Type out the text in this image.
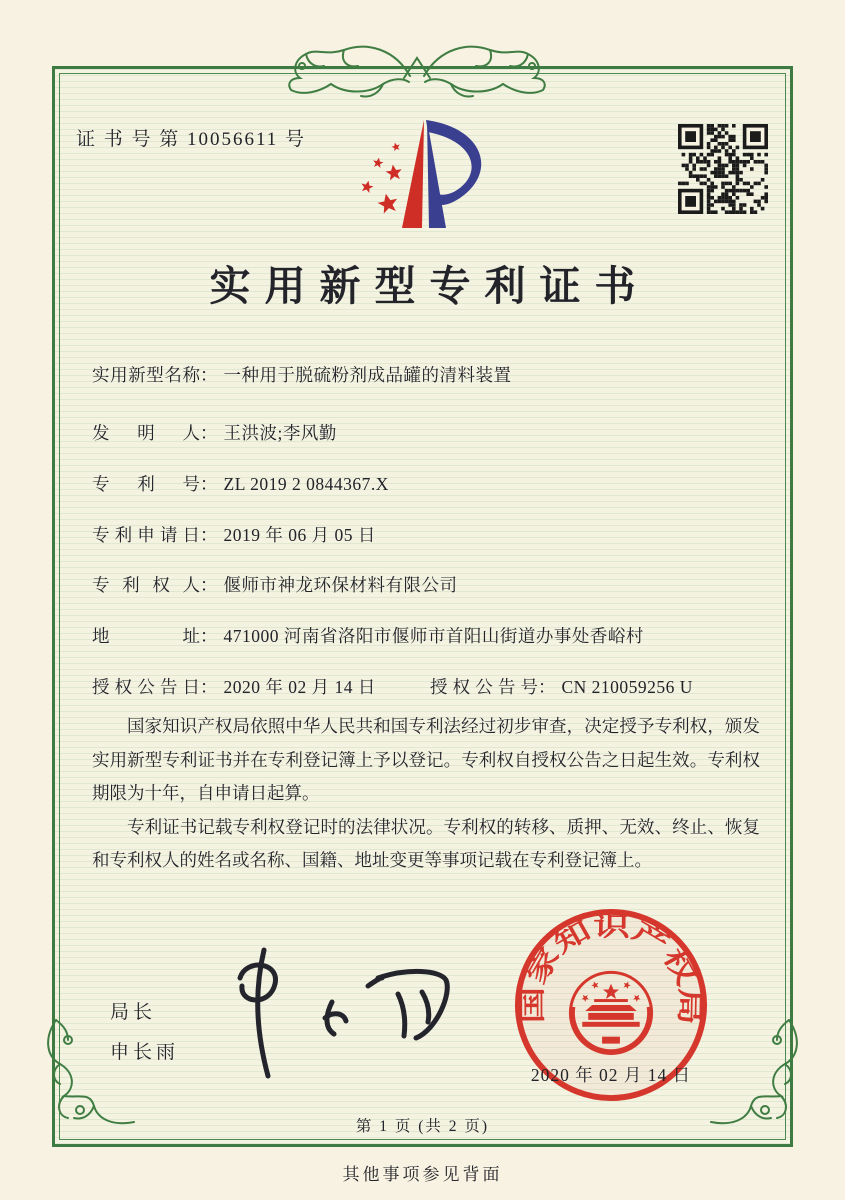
证 书 号 第 10056611 号
实用新型专利证书
实用新型名称： 一种用于脱硫粉剂成品罐的清料装置
发明人： 王洪波;李风勤
专利号： ZL 2019 2 0844367.X
专利申请日： 2019 年 06 月 05 日
专利权人： 偃师市神龙环保材料有限公司
地址： 471000 河南省洛阳市偃师市首阳山街道办事处香峪村
授权公告日： 2020 年 02 月 14 日	授权公告号： CN 210059256 U

国家知识产权局依照中华人民共和国专利法经过初步审查，决定授予专利权，颁发实用新型专利证书并在专利登记簿上予以登记。专利权自授权公告之日起生效。专利权期限为十年，自申请日起算。

专利证书记载专利权登记时的法律状况。专利权的转移、质押、无效、终止、恢复和专利权人的姓名或名称、国籍、地址变更等事项记载在专利登记簿上。

局长
申长雨
国家知识产权局
2020 年 02 月 14 日
第 1 页 (共 2 页)
其他事项参见背面
